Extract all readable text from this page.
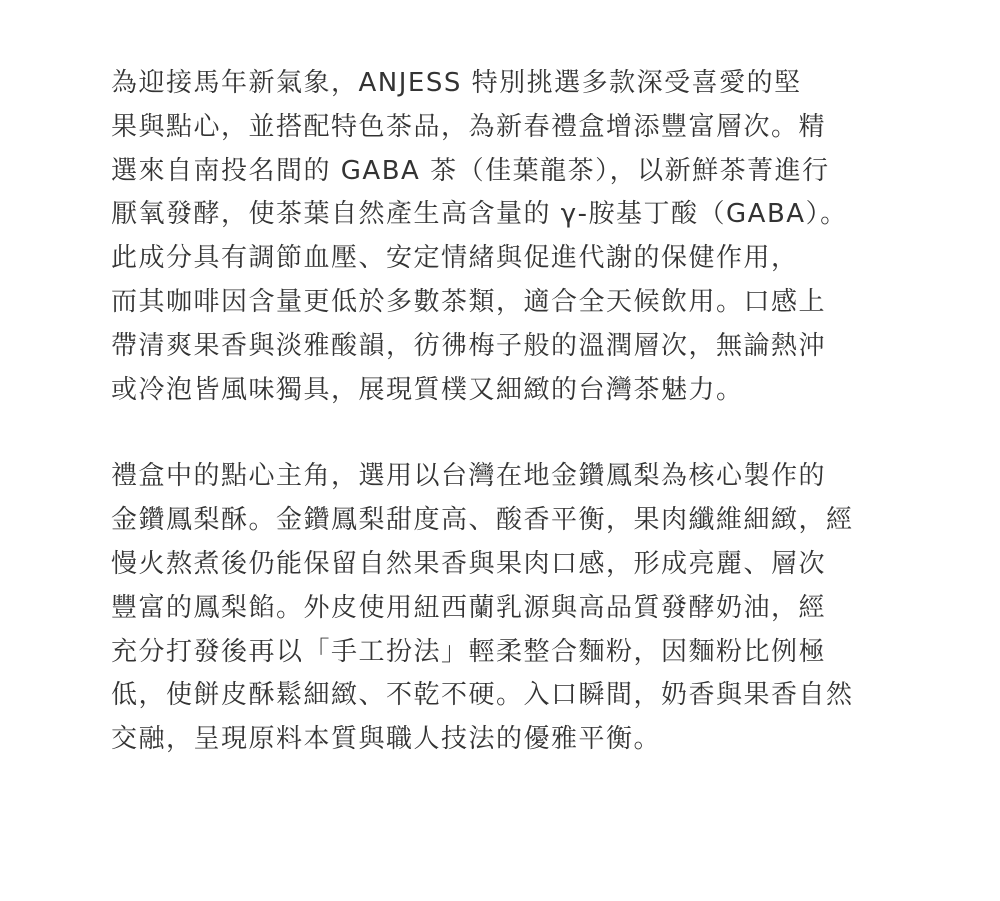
為迎接馬年新氣象，ANJESS 特別挑選多款深受喜愛的堅
果與點心，並搭配特色茶品，為新春禮盒增添豐富層次。精
選來自南投名間的 GABA 茶（佳葉龍茶），以新鮮茶菁進行
厭氧發酵，使茶葉自然產生高含量的 γ-胺基丁酸（GABA）。
此成分具有調節血壓、安定情緒與促進代謝的保健作用，
而其咖啡因含量更低於多數茶類，適合全天候飲用。口感上
帶清爽果香與淡雅酸韻，彷彿梅子般的溫潤層次，無論熱沖
或冷泡皆風味獨具，展現質樸又細緻的台灣茶魅力。
禮盒中的點心主角，選用以台灣在地金鑽鳳梨為核心製作的
金鑽鳳梨酥。金鑽鳳梨甜度高、酸香平衡，果肉纖維細緻，經
慢火熬煮後仍能保留自然果香與果肉口感，形成亮麗、層次
豐富的鳳梨餡。外皮使用紐西蘭乳源與高品質發酵奶油，經
充分打發後再以「手工扮法」輕柔整合麵粉，因麵粉比例極
低，使餅皮酥鬆細緻、不乾不硬。入口瞬間，奶香與果香自然
交融，呈現原料本質與職人技法的優雅平衡。
